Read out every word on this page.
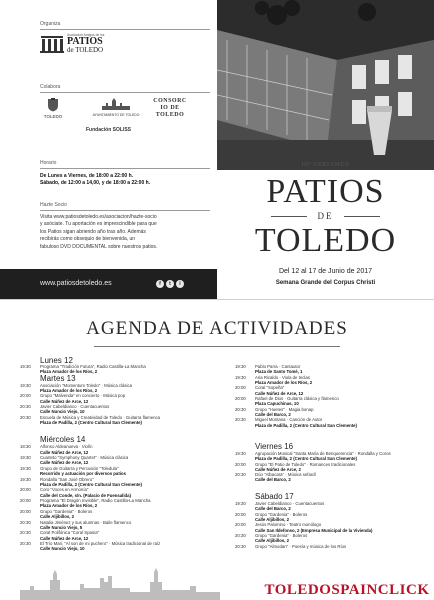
Organiza
Asociación Amigos de los
PATIOS
de TOLEDO
Colabora
TOLEDO	AYUNTAMIENTO DE TOLEDO
CONSORCIO DE TOLEDO
Fundación SOLISS
Horario
De Lunes a Viernes, de 18:00 a 22:00 h.
Sábado, de 12:00 a 14,00, y de 18:00 a 22:00 h.
Hazte Socio
Visita www.patiosdetoledo.es/asociacion/hazte-socio
y asóciate. Tu aportación es imprescindible para que
los Patios sigan abriendo año tras año. Además
recibirás como obsequio de bienvenida, un
fabuloso DVD DOCUMENTAL sobre nuestros patios.
www.patiosdetoledo.es	f	t	i
IIIº CERTAMEN
PATIOS
DE
TOLEDO
Del 12 al 17 de Junio de 2017
Semana Grande del Corpus Christi
AGENDA DE ACTIVIDADES
Lunes 12
Martes 13
Miércoles 14
19:30 Programa "Tradición Futura", Radio Castilla-La Mancha
Plaza Amador de los Ríos, 2
19:30 Asociación "Momentum Toledo" · Música clásica
Plaza Amador de los Ríos, 2
20:00 Grupo "Malvenda" en concierto · Música pop
Calle Núñez de Arce, 12
20:30 Javier Cabeldianco · Cuentacuentos
Calle Nuncio Viejo, 10
20:30 Escuela de Música y Creatividad de Toledo · Guitarra flamenca
Plaza de Padilla, 2 (Centro Cultural San Clemente)
18:30 Alfonso Aldeanueva · Violín
Calle Núñez de Arce, 12
19:30 Cuarteto "Symphony Quartet" · Música clásica
Calle Núñez de Arce, 12
19:30 Grupo de Guitarra y Percusión "Toledula"
Recorrido y actuación por diversos patios
19:30 Rondalla "San José Obrero"
Plaza de Padilla, 2 (Centro Cultural San Clemente)
20:00 Coro "Voces en Armonía"
Calle del Conde, s/n. (Palacio de Fuensalida)
20:00 Programa "El Dragón Invisible", Radio Castilla-La Mancha
Plaza Amador de los Ríos, 2
20:00 Grupo "Gardenia" · Boleros
Calle Aljibillos, 2
20:30 Natalia Jiménez y sus alumnas · Baile flamenco
Calle Nuncio Viejo, 5
20:30 Coral Polifónica "Coral Spania"
Calle Núñez de Arce, 12
20:30 El Trío Mari, "Al son de mi puchero" · Música tradicional de raíz
Calle Nuncio Viejo, 10
Viernes 16
Sábado 17
19:30 Pablo Parra · Cantautor
Plaza de Santo Tomé, 1
19:30 Aria Ricaldo · Viola de teclas
Plaza Amador de los Ríos, 2
20:00 Coral "Sopeña"
Calle Núñez de Arce, 12
20:00 Rafael de Dios · Guitarra clásica y flamenco
Plaza Capuchinas, 10
20:30 Grupo "Huetes" · Magia bonap
Calle del Barco, 2
20:30 Miguel Montana · Canción de Autor
Plaza de Padilla, 2 (Centro Cultural San Clemente)
19:30 Agrupación Musical "Santa María de Benquerencia" · Rondalla y Coros
Plaza de Padilla, 2 (Centro Cultural San Clemente)
20:00 Grupo "El Patio de Toledo" · Romances tradicionales
Calle Núñez de Arce, 2
20:30 Dúo "Albacara" · Música sefardí
Calle del Barco, 2
19:30 Javier Cabeldianco · Cuentacuentos
Calle del Barco, 2
20:00 Grupo "Gardenia" · Boleros
Calle Aljibillos, 2
20:00 Jesús Palomino · Teatro monólogo
Calle San Ildefonso, 2 (Empresa Municipal de la Vivienda)
20:30 Grupo "Gardenia" · Boleros
Calle Aljibillos, 2
20:30 Grupo "Almodan" · Poesía y música de los Ríos
TOLEDOSPAINCLICK
